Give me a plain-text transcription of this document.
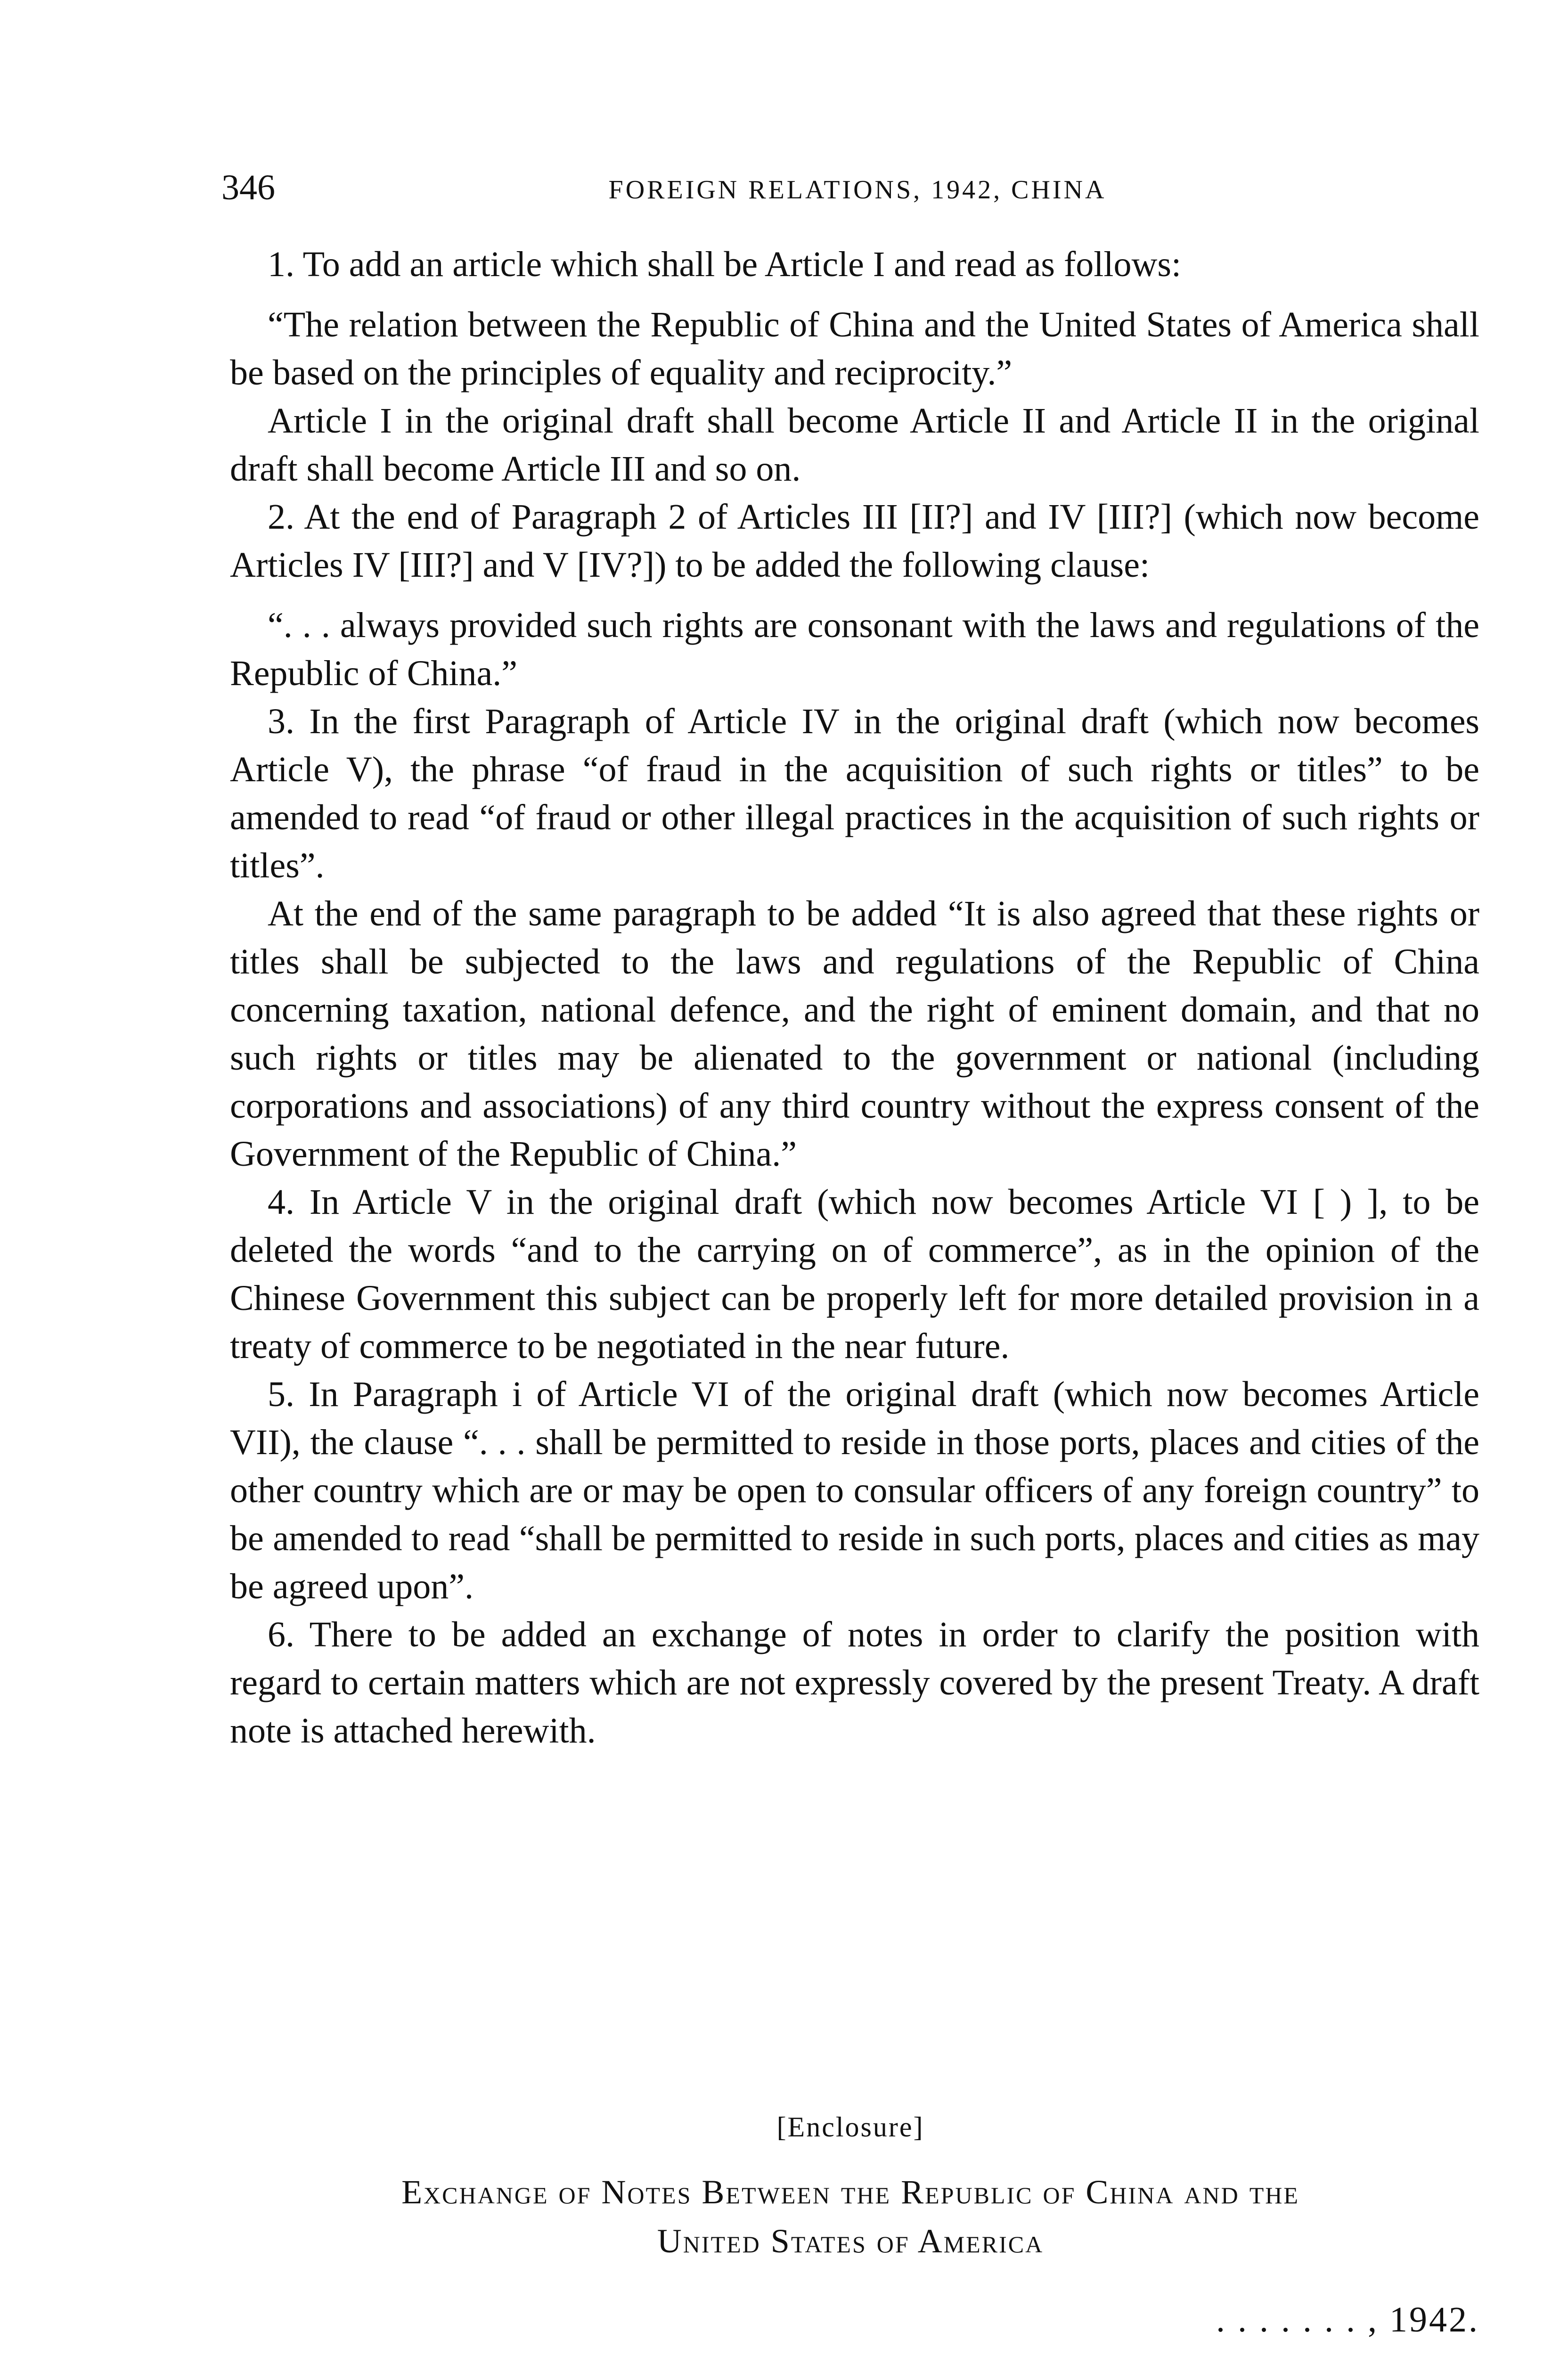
346	FOREIGN RELATIONS, 1942, CHINA

1. To add an article which shall be Article I and read as follows:

“The relation between the Republic of China and the United States of America shall be based on the principles of equality and reciprocity.”

Article I in the original draft shall become Article II and Article II in the original draft shall become Article III and so on.

2. At the end of Paragraph 2 of Articles III [II?] and IV [III?] (which now become Articles IV [III?] and V [IV?]) to be added the following clause:

“. . . always provided such rights are consonant with the laws and regulations of the Republic of China.”

3. In the first Paragraph of Article IV in the original draft (which now becomes Article V), the phrase “of fraud in the acquisition of such rights or titles” to be amended to read “of fraud or other illegal practices in the acquisition of such rights or titles”.

At the end of the same paragraph to be added “It is also agreed that these rights or titles shall be subjected to the laws and regulations of the Republic of China concerning taxation, national defence, and the right of eminent domain, and that no such rights or titles may be alienated to the government or national (including corporations and associations) of any third country without the express consent of the Government of the Republic of China.”

4. In Article V in the original draft (which now becomes Article VI [ ) ], to be deleted the words “and to the carrying on of commerce”, as in the opinion of the Chinese Government this subject can be properly left for more detailed provision in a treaty of commerce to be negotiated in the near future.

5. In Paragraph i of Article VI of the original draft (which now becomes Article VII), the clause “. . . shall be permitted to reside in those ports, places and cities of the other country which are or may be open to consular officers of any foreign country” to be amended to read “shall be permitted to reside in such ports, places and cities as may be agreed upon”.

6. There to be added an exchange of notes in order to clarify the position with regard to certain matters which are not expressly covered by the present Treaty. A draft note is attached herewith.

[Enclosure]
Exchange of Notes Between the Republic of China and the
United States of America
. . . . . . . , 1942.
